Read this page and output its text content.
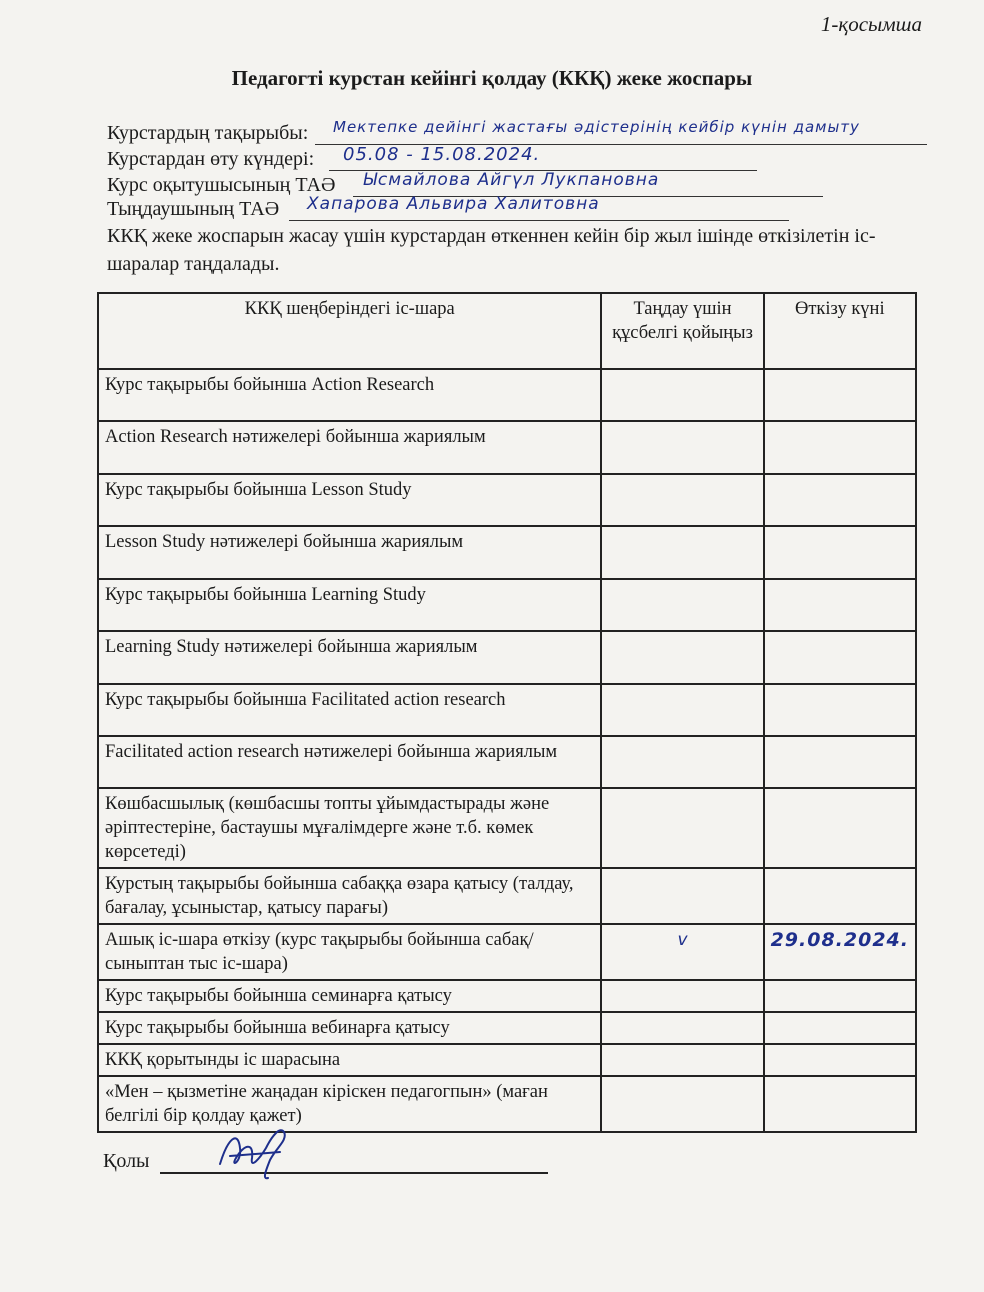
1-қосымша
Педагогті курстан кейінгі қолдау (ККҚ) жеке жоспары
Курстардың тақырыбы: Мектепке дейінгі жастағы әдістерінің кейбір күнін дамыту
Курстардан өту күндері: 05.08 - 15.08.2024.
Курс оқытушысының ТАӘ Ысмайлова Айгүл Лукпановна
Тыңдаушының ТАӘ Хапарова Альвира Халитовна
ККҚ жеке жоспарын жасау үшін курстардан өткеннен кейін бір жыл ішінде өткізілетін іс-шаралар таңдалады.
ККҚ шеңберіндегі іс-шара	Таңдау үшін құсбелгі қойыңыз	Өткізу күні
Курс тақырыбы бойынша Action Research		
Action Research нәтижелері бойынша жариялым		
Курс тақырыбы бойынша Lesson Study		
Lesson Study нәтижелері бойынша жариялым		
Курс тақырыбы бойынша Learning Study		
Learning Study нәтижелері бойынша жариялым		
Курс тақырыбы бойынша Facilitated action research		
Facilitated action research нәтижелері бойынша жариялым		
Көшбасшылық (көшбасшы топты ұйымдастырады және әріптестеріне, бастаушы мұғалімдерге және т.б. көмек көрсетеді)		
Курстың тақырыбы бойынша сабаққа өзара қатысу (талдау, бағалау, ұсыныстар, қатысу парағы)		
Ашық іс-шара өткізу (курс тақырыбы бойынша сабақ/ сыныптан тыс іс-шара)	v	29.08.2024.
Курс тақырыбы бойынша семинарға қатысу		
Курс тақырыбы бойынша вебинарға қатысу		
ККҚ қорытынды іс шарасына		
«Мен – қызметіне жаңадан кіріскен педагогпын» (маған белгілі бір қолдау қажет)		
Қолы
